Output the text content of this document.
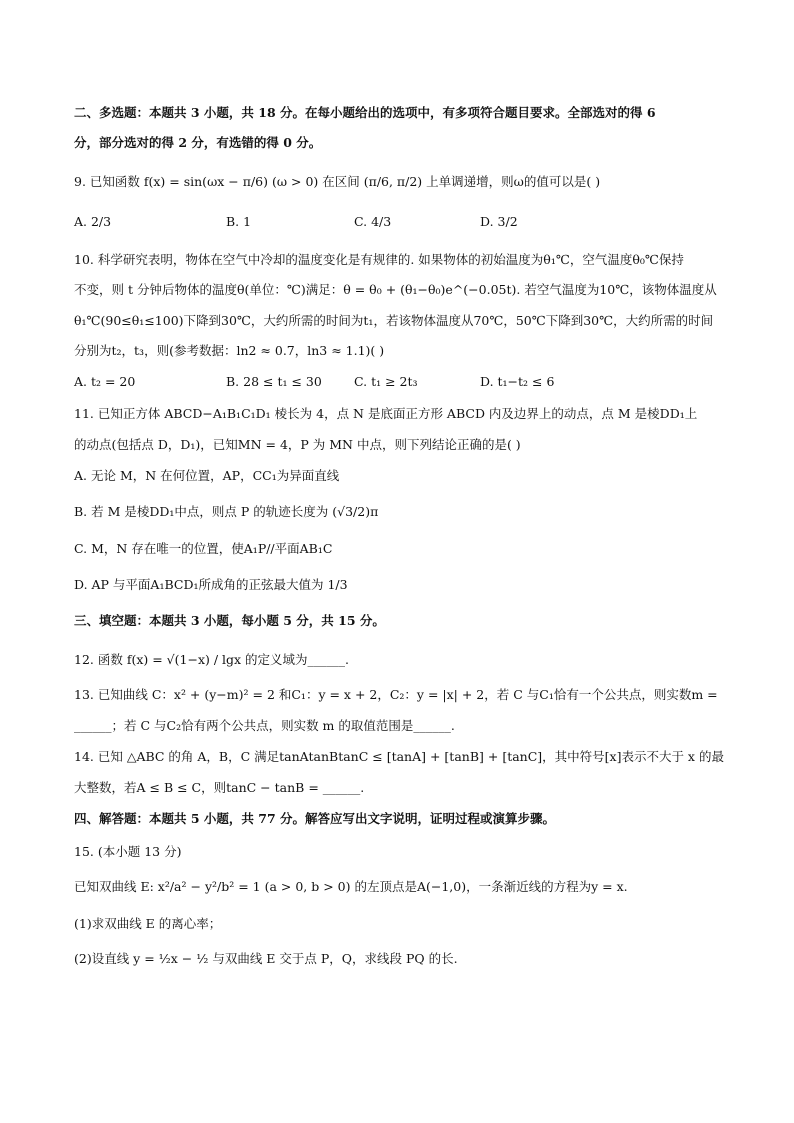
二、多选题：本题共 3 小题，共 18 分。在每小题给出的选项中，有多项符合题目要求。全部选对的得 6
分，部分选对的得 2 分，有选错的得 0 分。
9. 已知函数 f(x) = sin(ωx − π/6) (ω > 0) 在区间 (π/6, π/2) 上单调递增，则ω的值可以是( )
A. 2/3	B. 1	C. 4/3	D. 3/2
10. 科学研究表明，物体在空气中冷却的温度变化是有规律的. 如果物体的初始温度为θ₁℃，空气温度θ₀℃保持
不变，则 t 分钟后物体的温度θ(单位：℃)满足：θ = θ₀ + (θ₁−θ₀)e^(−0.05t). 若空气温度为10℃，该物体温度从
θ₁℃(90≤θ₁≤100)下降到30℃，大约所需的时间为t₁，若该物体温度从70℃，50℃下降到30℃，大约所需的时间
分别为t₂，t₃，则(参考数据：ln2 ≈ 0.7，ln3 ≈ 1.1)( )
A. t₂ = 20	B. 28 ≤ t₁ ≤ 30	C. t₁ ≥ 2t₃	D. t₁−t₂ ≤ 6
11. 已知正方体 ABCD−A₁B₁C₁D₁ 棱长为 4，点 N 是底面正方形 ABCD 内及边界上的动点，点 M 是棱DD₁上
的动点(包括点 D，D₁)，已知MN = 4，P 为 MN 中点，则下列结论正确的是( )
A. 无论 M，N 在何位置，AP，CC₁为异面直线
B. 若 M 是棱DD₁中点，则点 P 的轨迹长度为 (√3/2)π
C. M，N 存在唯一的位置，使A₁P//平面AB₁C
D. AP 与平面A₁BCD₁所成角的正弦最大值为 1/3
三、填空题：本题共 3 小题，每小题 5 分，共 15 分。
12. 函数 f(x) = √(1−x) / lgx 的定义域为______.
13. 已知曲线 C：x² + (y−m)² = 2 和C₁：y = x + 2，C₂：y = |x| + 2，若 C 与C₁恰有一个公共点，则实数m =
______；若 C 与C₂恰有两个公共点，则实数 m 的取值范围是______.
14. 已知 △ABC 的角 A，B，C 满足tanAtanBtanC ≤ [tanA] + [tanB] + [tanC]，其中符号[x]表示不大于 x 的最
大整数，若A ≤ B ≤ C，则tanC − tanB = ______.
四、解答题：本题共 5 小题，共 77 分。解答应写出文字说明，证明过程或演算步骤。
15. (本小题 13 分)
已知双曲线 E: x²/a² − y²/b² = 1 (a > 0, b > 0) 的左顶点是A(−1,0)，一条渐近线的方程为y = x.
(1)求双曲线 E 的离心率；
(2)设直线 y = ½x − ½ 与双曲线 E 交于点 P，Q，求线段 PQ 的长.
